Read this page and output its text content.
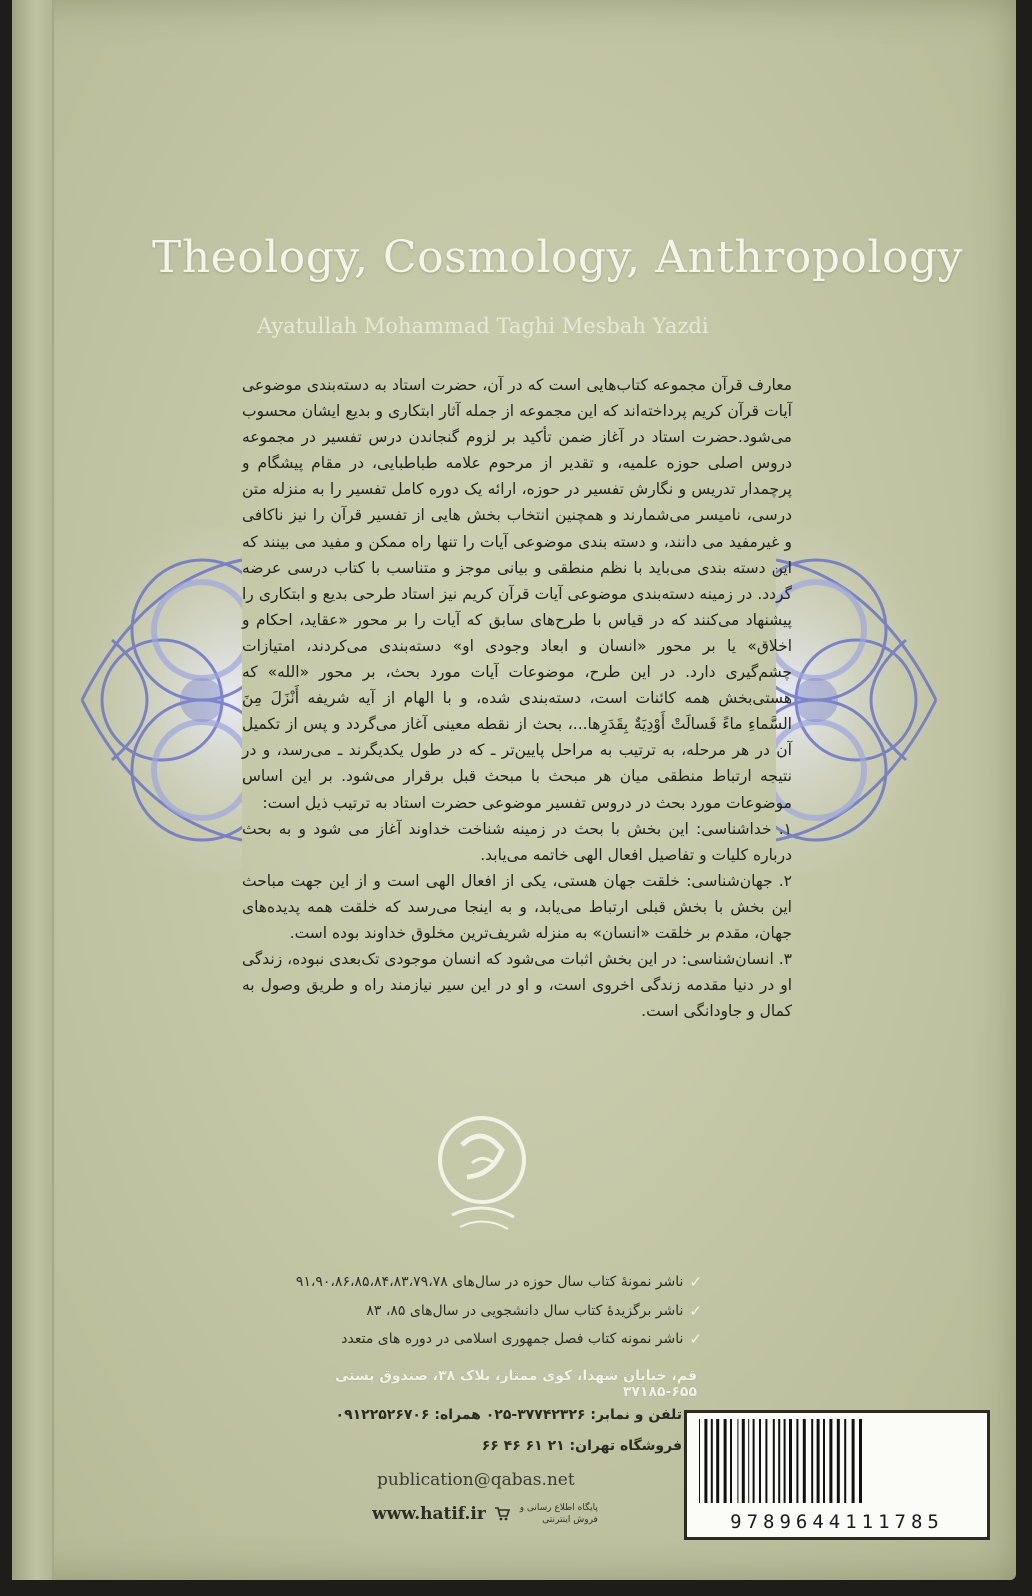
Theology, Cosmology, Anthropology
Ayatullah Mohammad Taghi Mesbah Yazdi

معارف قرآن مجموعه کتاب‌هایی است که در آن، حضرت استاد به دسته‌بندی موضوعی آیات قرآن کریم پرداخته‌اند که این مجموعه از جمله آثار ابتکاری و بدیع ایشان محسوب می‌شود.حضرت استاد در آغاز ضمن تأکید بر لزوم گنجاندن درس تفسیر در مجموعه دروس اصلی حوزه علمیه، و تقدیر از مرحوم علامه طباطبایی، در مقام پیشگام و پرچمدار تدریس و نگارش تفسیر در حوزه، ارائه یک دوره کامل تفسیر را به منزله متن درسی، نامیسر می‌شمارند و همچنین انتخاب بخش هایی از تفسیر قرآن را نیز ناکافی و غیرمفید می دانند، و دسته بندی موضوعی آیات را تنها راه ممکن و مفید می بینند که این دسته بندی می‌باید با نظم منطقی و بیانی موجز و متناسب با کتاب درسی عرضه گردد. در زمینه دسته‌بندی موضوعی آیات قرآن کریم نیز استاد طرحی بدیع و ابتکاری را پیشنهاد می‌کنند که در قیاس با طرح‌های سابق که آیات را بر محور «عقاید، احکام و اخلاق» یا بر محور «انسان و ابعاد وجودی او» دسته‌بندی می‌کردند، امتیازات چشم‌گیری دارد. در این طرح، موضوعات آیات مورد بحث، بر محور «الله» که هستی‌بخش همه کائنات است، دسته‌بندی شده، و با الهام از آیه شریفه أَنْزَلَ مِنَ السَّماءِ ماءً فَسالَتْ أَوْدِيَةٌ بِقَدَرِها...، بحث از نقطه معینی آغاز می‌گردد و پس از تکمیل آن در هر مرحله، به ترتیب به مراحل پایین‌تر ـ که در طول یکدیگرند ـ می‌رسد، و در نتیجه ارتباط منطقی میان هر مبحث با مبحث قبل برقرار می‌شود. بر این اساس موضوعات مورد بحث در دروس تفسیر موضوعی حضرت استاد به ترتیب ذیل است:

۱. خداشناسی: این بخش با بحث در زمینه شناخت خداوند آغاز می شود و به بحث درباره کلیات و تفاصیل افعال الهی خاتمه می‌یابد.

۲. جهان‌شناسی: خلقت جهان هستی، یکی از افعال الهی است و از این جهت مباحث این بخش با بخش قبلی ارتباط می‌یابد، و به اینجا می‌رسد که خلقت همه پدیده‌های جهان، مقدم بر خلقت «انسان» به منزله شریف‌ترین مخلوق خداوند بوده است.

۳. انسان‌شناسی: در این بخش اثبات می‌شود که انسان موجودی تک‌بعدی نبوده، زندگی او در دنیا مقدمه زندگی اخروی است، و او در این سیر نیازمند راه و طریق وصول به کمال و جاودانگی است.

✓
ناشر نمونهٔ کتاب سال حوزه در سال‌های ۹۱،۹۰،۸۶،۸۵،۸۴،۸۳،۷۹،۷۸
✓
ناشر برگزیدهٔ کتاب سال دانشجویی در سال‌های ۸۵، ۸۳
✓
ناشر نمونه کتاب فصل جمهوری اسلامی در دوره های متعدد
قم، خیابان شهدا، کوی ممتاز، پلاک ۳۸، صندوق پستی ۶۵۵-۳۷۱۸۵
تلفن و نمابر: ۳۷۷۴۲۳۲۶-۰۲۵ همراه: ۰۹۱۲۲۵۲۶۷۰۶
فروشگاه تهران: ۲۱ ۶۱ ۴۶ ۶۶
publication@qabas.net
www.hatif.ir	پایگاه اطلاع رسانی و فروش اینترنتی	9789644111785
